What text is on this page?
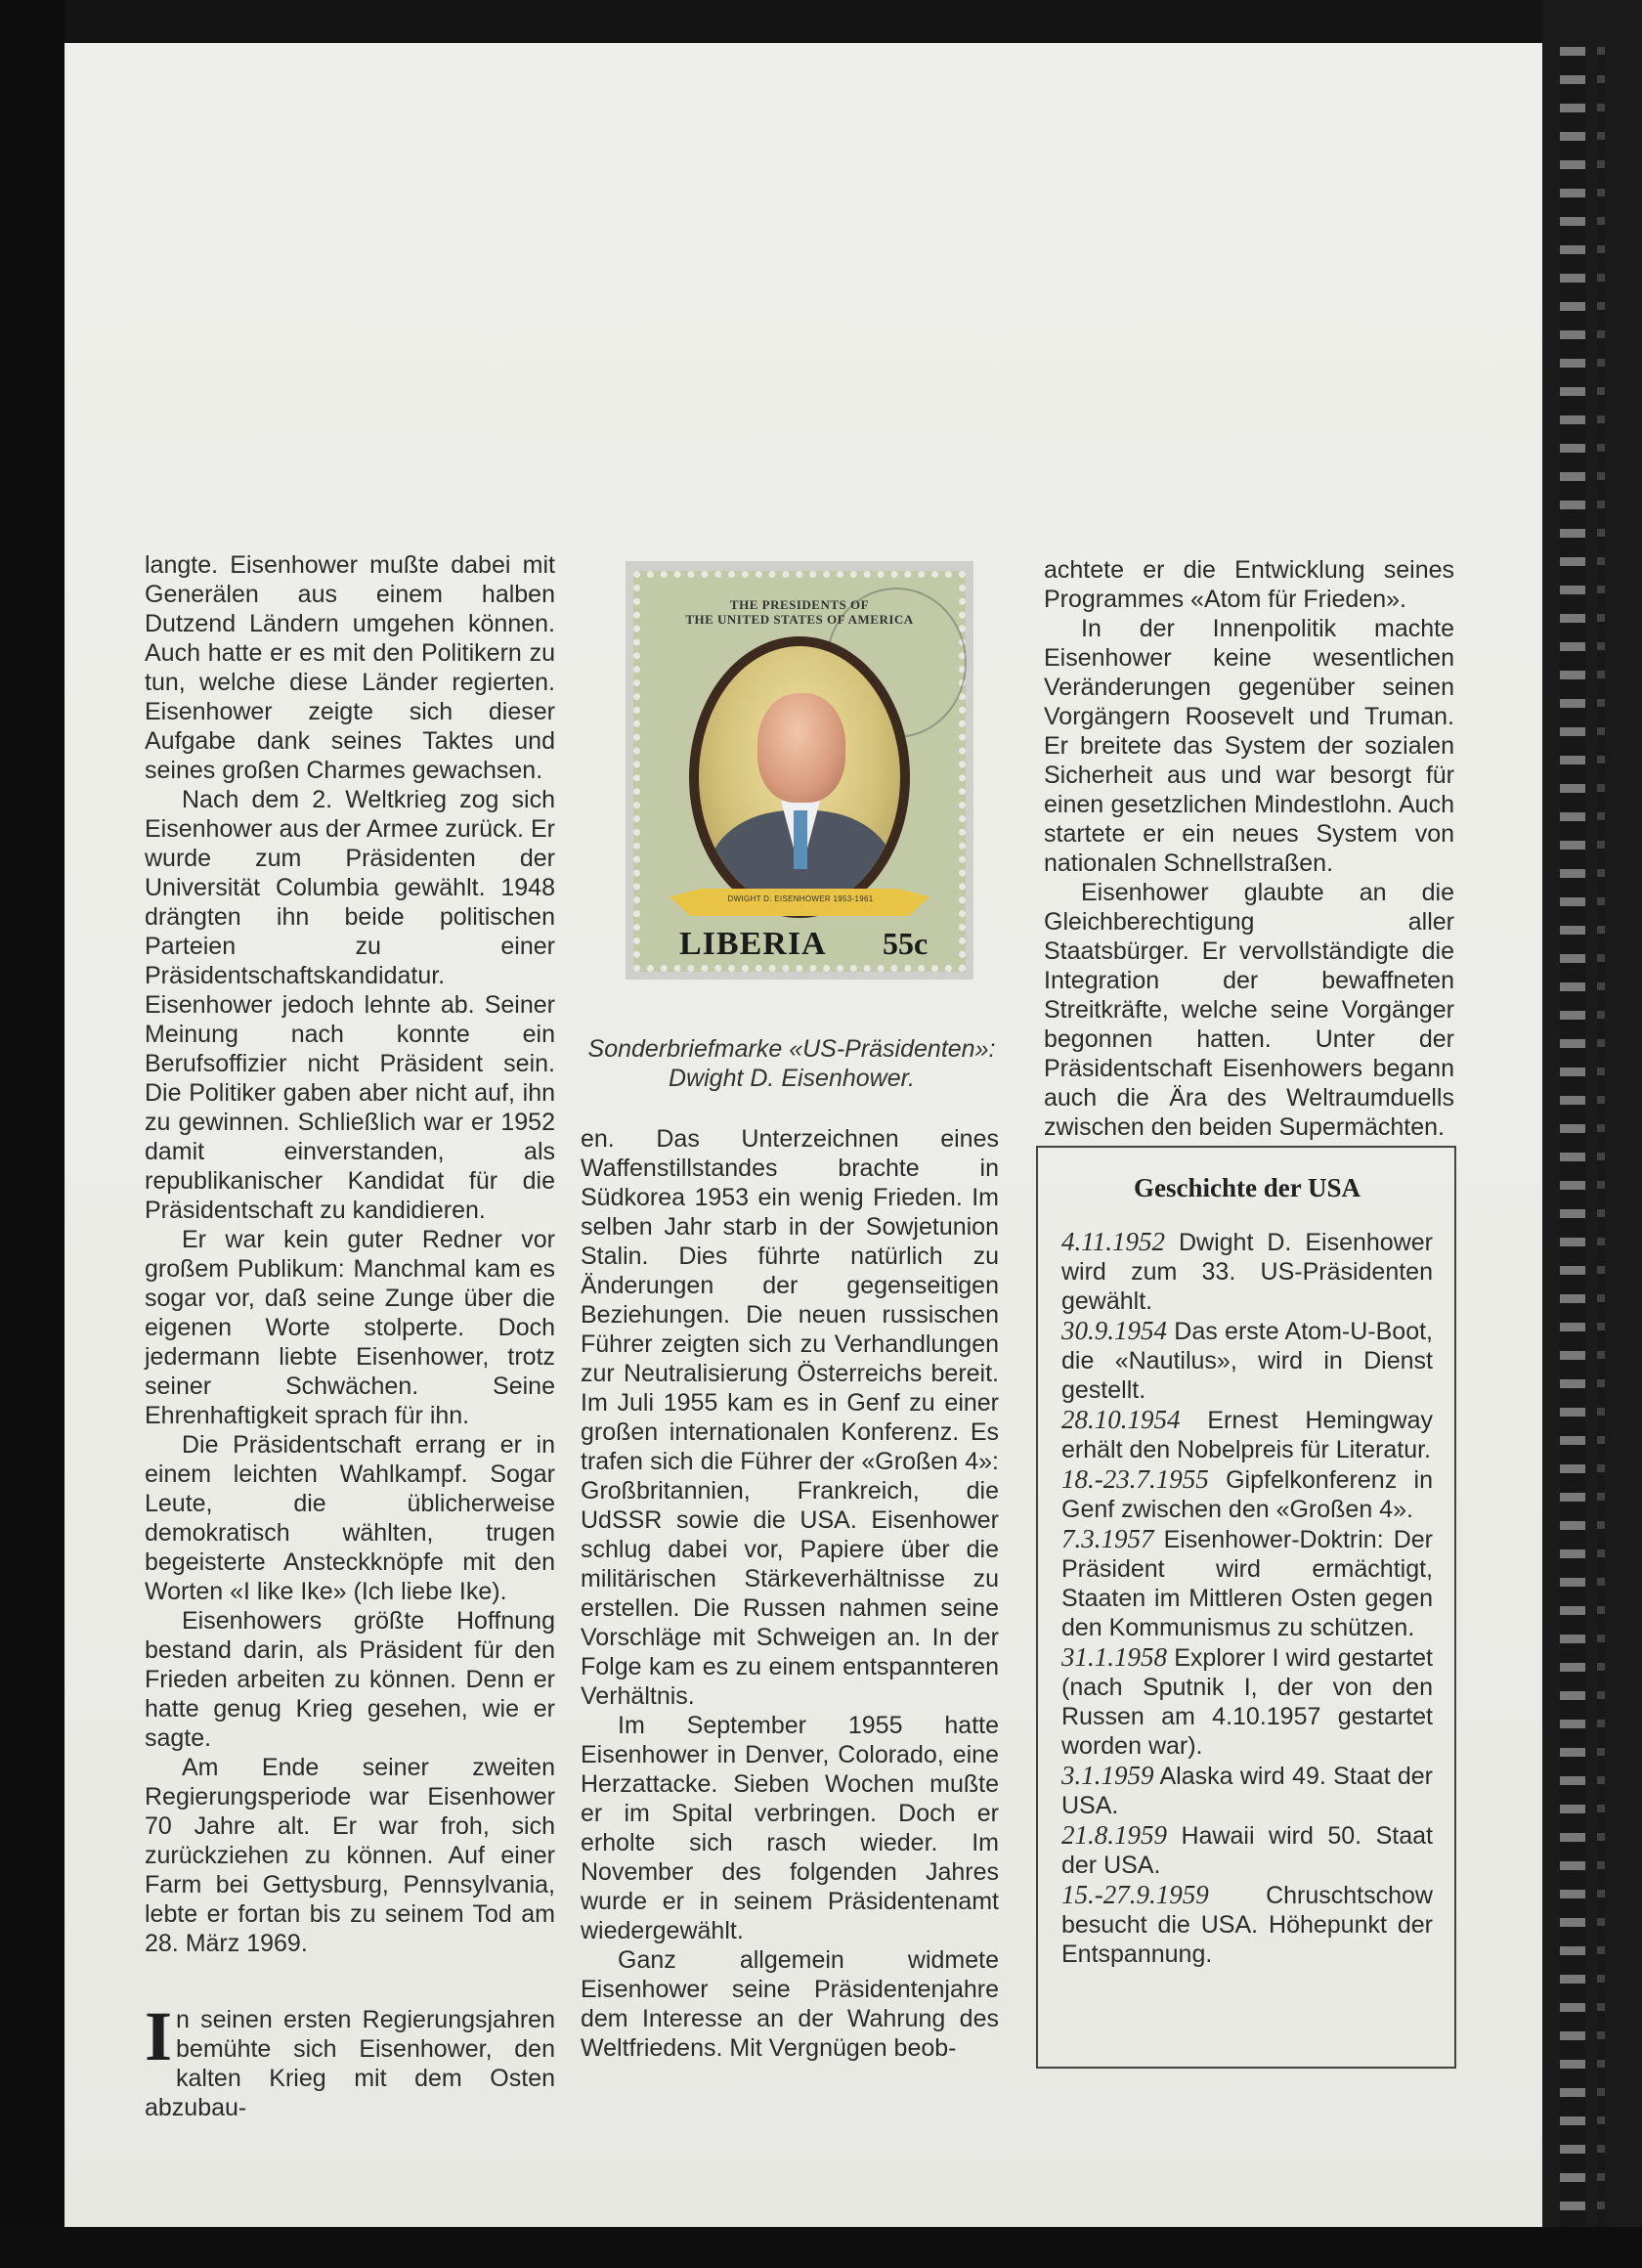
langte. Eisenhower mußte dabei mit Generälen aus einem halben Dutzend Ländern umgehen können. Auch hatte er es mit den Politikern zu tun, welche diese Länder regierten. Eisenhower zeigte sich dieser Aufgabe dank seines Taktes und seines großen Charmes gewachsen.

Nach dem 2. Weltkrieg zog sich Eisenhower aus der Armee zurück. Er wurde zum Präsidenten der Universität Columbia gewählt. 1948 drängten ihn beide politischen Parteien zu einer Präsidentschaftskandidatur. Eisenhower jedoch lehnte ab. Seiner Meinung nach konnte ein Berufsoffizier nicht Präsident sein. Die Politiker gaben aber nicht auf, ihn zu gewinnen. Schließlich war er 1952 damit einverstanden, als republikanischer Kandidat für die Präsidentschaft zu kandidieren.

Er war kein guter Redner vor großem Publikum: Manchmal kam es sogar vor, daß seine Zunge über die eigenen Worte stolperte. Doch jedermann liebte Eisenhower, trotz seiner Schwächen. Seine Ehrenhaftigkeit sprach für ihn.

Die Präsidentschaft errang er in einem leichten Wahlkampf. Sogar Leute, die üblicherweise demokratisch wählten, trugen begeisterte Ansteckknöpfe mit den Worten «I like Ike» (Ich liebe Ike).

Eisenhowers größte Hoffnung bestand darin, als Präsident für den Frieden arbeiten zu können. Denn er hatte genug Krieg gesehen, wie er sagte.

Am Ende seiner zweiten Regierungsperiode war Eisenhower 70 Jahre alt. Er war froh, sich zurückziehen zu können. Auf einer Farm bei Gettysburg, Pennsylvania, lebte er fortan bis zu seinem Tod am 28. März 1969.

In seinen ersten Regierungsjahren bemühte sich Eisenhower, den kalten Krieg mit dem Osten abzubau-

THE PRESIDENTS OF
THE UNITED STATES OF AMERICA
DWIGHT D. EISENHOWER 1953-1961
LIBERIA 55c
Sonderbriefmarke «US-Präsidenten»: Dwight D. Eisenhower.

en. Das Unterzeichnen eines Waffenstillstandes brachte in Südkorea 1953 ein wenig Frieden. Im selben Jahr starb in der Sowjetunion Stalin. Dies führte natürlich zu Änderungen der gegenseitigen Beziehungen. Die neuen russischen Führer zeigten sich zu Verhandlungen zur Neutralisierung Österreichs bereit. Im Juli 1955 kam es in Genf zu einer großen internationalen Konferenz. Es trafen sich die Führer der «Großen 4»: Großbritannien, Frankreich, die UdSSR sowie die USA. Eisenhower schlug dabei vor, Papiere über die militärischen Stärkeverhältnisse zu erstellen. Die Russen nahmen seine Vorschläge mit Schweigen an. In der Folge kam es zu einem entspannteren Verhältnis.

Im September 1955 hatte Eisenhower in Denver, Colorado, eine Herzattacke. Sieben Wochen mußte er im Spital verbringen. Doch er erholte sich rasch wieder. Im November des folgenden Jahres wurde er in seinem Präsidentenamt wiedergewählt.

Ganz allgemein widmete Eisenhower seine Präsidentenjahre dem Interesse an der Wahrung des Weltfriedens. Mit Vergnügen beob-

achtete er die Entwicklung seines Programmes «Atom für Frieden».

In der Innenpolitik machte Eisenhower keine wesentlichen Veränderungen gegenüber seinen Vorgängern Roosevelt und Truman. Er breitete das System der sozialen Sicherheit aus und war besorgt für einen gesetzlichen Mindestlohn. Auch startete er ein neues System von nationalen Schnellstraßen.

Eisenhower glaubte an die Gleichberechtigung aller Staatsbürger. Er vervollständigte die Integration der bewaffneten Streitkräfte, welche seine Vorgänger begonnen hatten. Unter der Präsidentschaft Eisenhowers begann auch die Ära des Weltraumduells zwischen den beiden Supermächten.

Geschichte der USA

4.11.1952 Dwight D. Eisenhower wird zum 33. US-Präsidenten gewählt.

30.9.1954 Das erste Atom-U-Boot, die «Nautilus», wird in Dienst gestellt.

28.10.1954 Ernest Hemingway erhält den Nobelpreis für Literatur.

18.-23.7.1955 Gipfelkonferenz in Genf zwischen den «Großen 4».

7.3.1957 Eisenhower-Doktrin: Der Präsident wird ermächtigt, Staaten im Mittleren Osten gegen den Kommunismus zu schützen.

31.1.1958 Explorer I wird gestartet (nach Sputnik I, der von den Russen am 4.10.1957 gestartet worden war).

3.1.1959 Alaska wird 49. Staat der USA.

21.8.1959 Hawaii wird 50. Staat der USA.

15.-27.9.1959 Chruschtschow besucht die USA. Höhepunkt der Entspannung.
